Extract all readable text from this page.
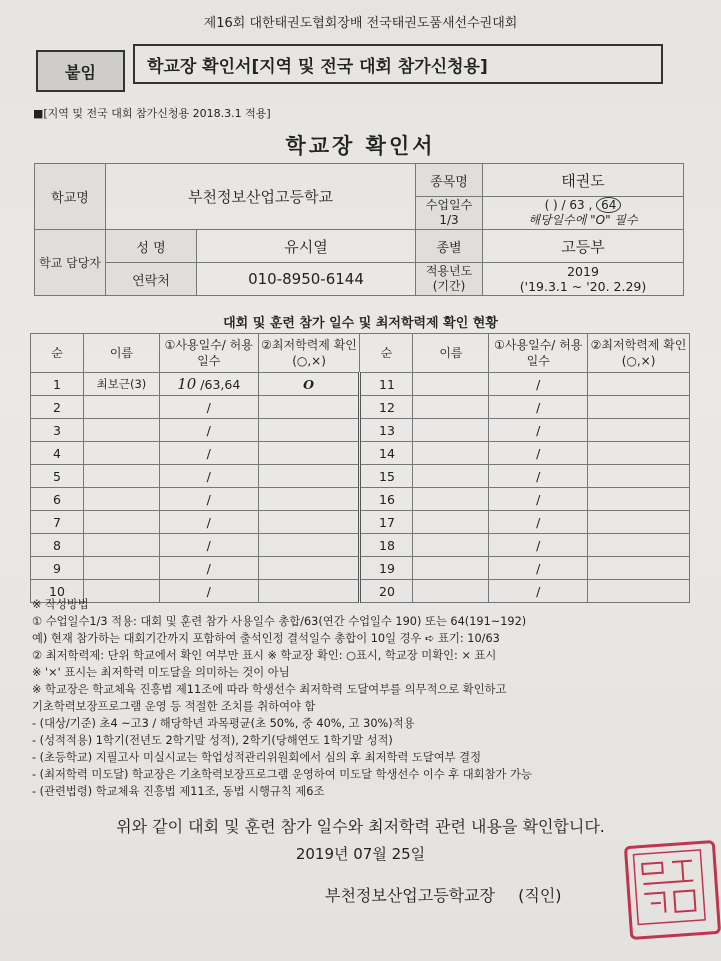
제16회 대한태권도협회장배 전국태권도품새선수권대회
붙임	학교장 확인서[지역 및 전국 대회 참가신청용]
■[지역 및 전국 대회 참가신청용 2018.3.1 적용]
학교장 확인서
학교명	부천정보산업고등학교		종목명	태권도
			수업일수 1/3	( ) / 63 , 64
해당일수에 "O" 필수
학교 담당자	성 명	유시열	종별	고등부
	연락처	010-8950-6144	적용년도 (기간)	2019
('19.3.1 ~ '20. 2.29)
대회 및 훈련 참가 일수 및 최저학력제 확인 현황
순	이름	①사용일수/ 허용일수	②최저학력제 확인(○,×)	순	이름	①사용일수/ 허용일수	②최저학력제 확인(○,×)
1	최보근(3)	10 /63,64	O	11		/	
2		/		12		/	
3		/		13		/	
4		/		14		/	
5		/		15		/	
6		/		16		/	
7		/		17		/	
8		/		18		/	
9		/		19		/	
10		/		20		/	
※ 작성방법
① 수업일수1/3 적용: 대회 및 훈련 참가 사용일수 총합/63(연간 수업일수 190) 또는 64(191~192)
예) 현재 참가하는 대회기간까지 포함하여 출석인정 결석일수 총합이 10일 경우 ➪ 표기: 10/63
② 최저학력제: 단위 학교에서 확인 여부만 표시 ※ 학교장 확인: ○표시, 학교장 미확인: × 표시
※ '×' 표시는 최저학력 미도달을 의미하는 것이 아님
※ 학교장은 학교체육 진흥법 제11조에 따라 학생선수 최저학력 도달여부를 의무적으로 확인하고
기초학력보장프로그램 운영 등 적절한 조치를 취하여야 함
- (대상/기준) 초4 ~고3 / 해당학년 과목평균(초 50%, 중 40%, 고 30%)적용
- (성적적용) 1학기(전년도 2학기말 성적), 2학기(당해연도 1학기말 성적)
- (초등학교) 지필고사 미실시교는 학업성적관리위원회에서 심의 후 최저학력 도달여부 결정
- (최저학력 미도달) 학교장은 기초학력보장프로그램 운영하여 미도달 학생선수 이수 후 대회참가 가능
- (관련법령) 학교체육 진흥법 제11조, 동법 시행규칙 제6조
위와 같이 대회 및 훈련 참가 일수와 최저학력 관련 내용을 확인합니다.
2019년 07월 25일
부천정보산업고등학교장 (직인)
